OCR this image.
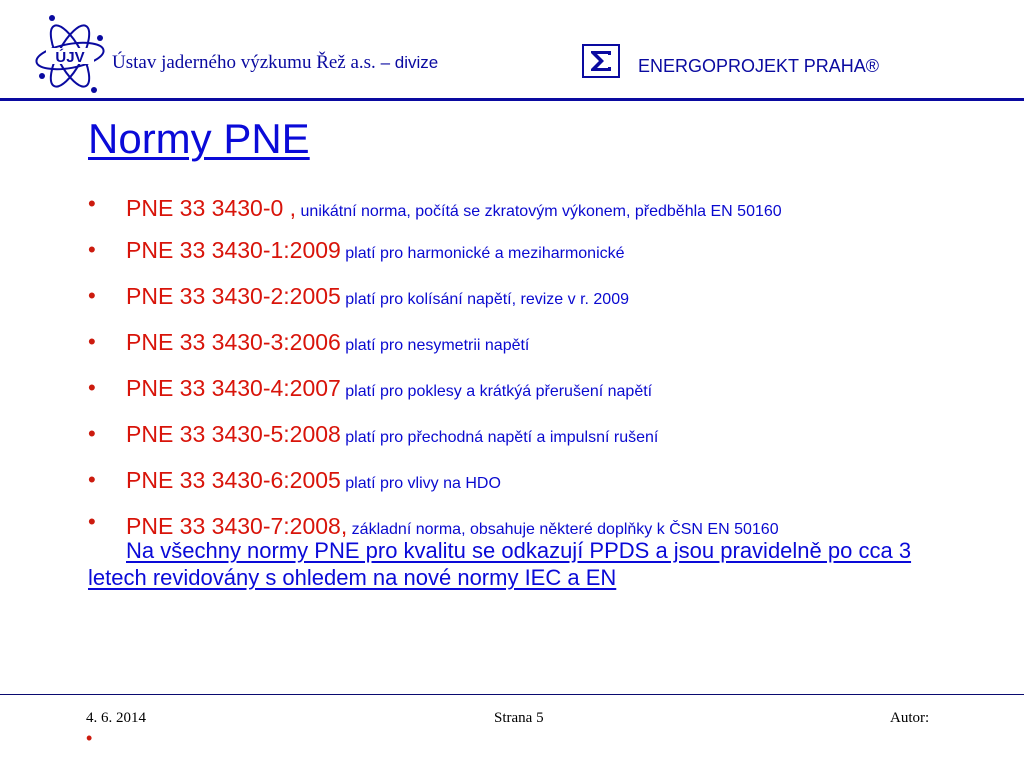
ÚJV Ústav jaderného výzkumu Řež a.s. – divize	ENERGOPROJEKT PRAHA®
Normy PNE
• PNE 33 3430-0 , unikátní norma, počítá se zkratovým výkonem, předběhla EN 50160
• PNE 33 3430-1:2009 platí pro harmonické a meziharmonické
• PNE 33 3430-2:2005 platí pro kolísání napětí, revize v r. 2009
• PNE 33 3430-3:2006 platí pro nesymetrii napětí
• PNE 33 3430-4:2007 platí pro poklesy a krátkýá přerušení napětí
• PNE 33 3430-5:2008 platí pro přechodná napětí a impulsní rušení
• PNE 33 3430-6:2005 platí pro vlivy na HDO
• PNE 33 3430-7:2008, základní norma, obsahuje některé doplňky k ČSN EN 50160
Na všechny normy PNE pro kvalitu se odkazují PPDS a jsou pravidelně po cca 3 letech revidovány s ohledem na nové normy IEC a EN
4. 6. 2014	Strana 5	Autor:
•
